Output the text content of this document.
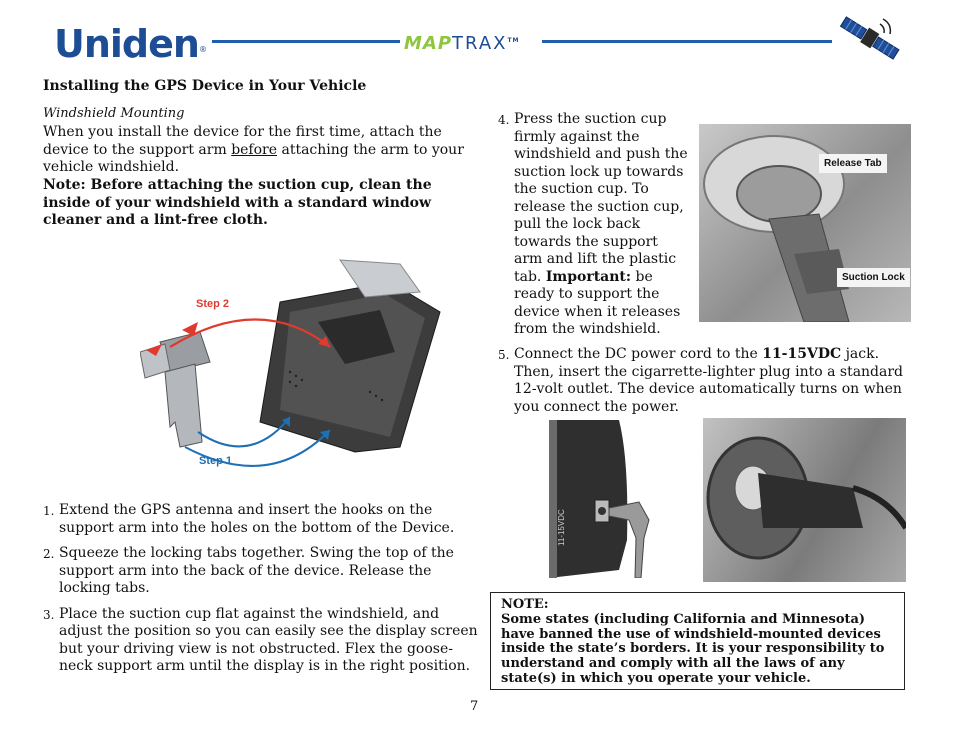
Uniden®	MAPTRAX™
Installing the GPS Device in Your Vehicle
Windshield Mounting
When you install the device for the first time, attach the device to the support arm before attaching the arm to your vehicle windshield.
Note: Before attaching the suction cup, clean the inside of your windshield with a standard window cleaner and a lint-free cloth.
Step 2
Step 1
1. Extend the GPS antenna and insert the hooks on the support arm into the holes on the bottom of the Device.
2. Squeeze the locking tabs together. Swing the top of the support arm into the back of the device. Release the locking tabs.
3. Place the suction cup flat against the windshield, and adjust the position so you can easily see the display screen but your driving view is not obstructed. Flex the goose-neck support arm until the display is in the right position.
4. Press the suction cup firmly against the windshield and push the suction lock up towards the suction cup. To release the suction cup, pull the lock back towards the support arm and lift the plastic tab. Important: be ready to support the device when it releases from the windshield.
Release Tab
Suction Lock
5. Connect the DC power cord to the 11-15VDC jack. Then, insert the cigarrette-lighter plug into a standard 12-volt outlet. The device automatically turns on when you connect the power.
11-15VDC
NOTE:
Some states (including California and Minnesota) have banned the use of windshield-mounted devices inside the state’s borders. It is your responsibility to understand and comply with all the laws of any state(s) in which you operate your vehicle.
7
